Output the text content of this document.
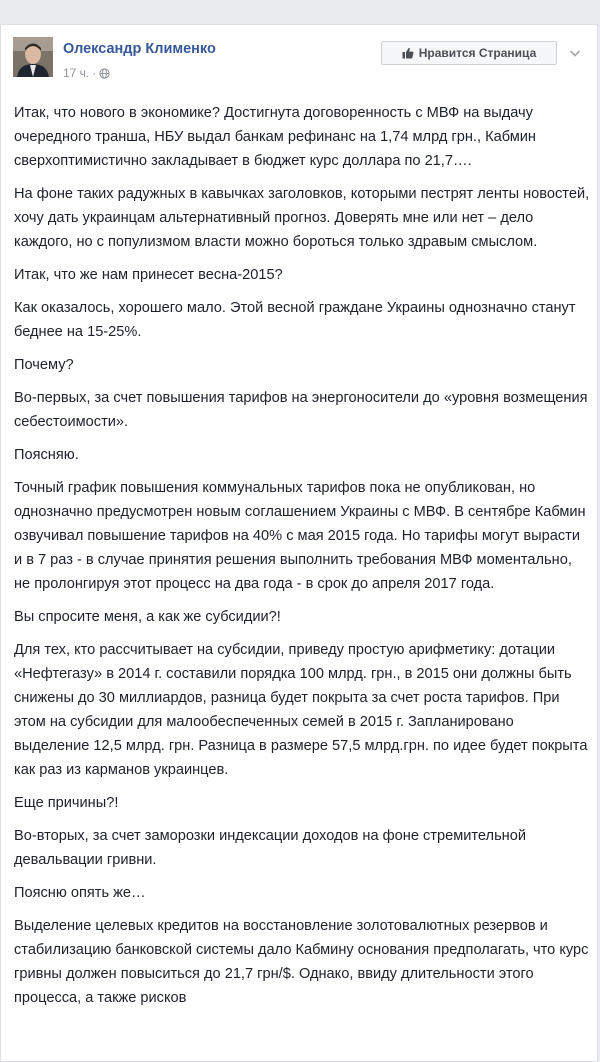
Олександр Клименко
17 ч. ·
Нравится Страница

Итак, что нового в экономике? Достигнута договоренность с МВФ на выдачу очередного транша, НБУ выдал банкам рефинанс на 1,74 млрд грн., Кабмин сверхоптимистично закладывает в бюджет курс доллара по 21,7….

На фоне таких радужных в кавычках заголовков, которыми пестрят ленты новостей, хочу дать украинцам альтернативный прогноз. Доверять мне или нет – дело каждого, но с популизмом власти можно бороться только здравым смыслом.

Итак, что же нам принесет весна-2015?

Как оказалось, хорошего мало. Этой весной граждане Украины однозначно станут беднее на 15-25%.

Почему?

Во-первых, за счет повышения тарифов на энергоносители до «уровня возмещения себестоимости».

Поясняю.

Точный график повышения коммунальных тарифов пока не опубликован, но однозначно предусмотрен новым соглашением Украины с МВФ. В сентябре Кабмин озвучивал повышение тарифов на 40% с мая 2015 года. Но тарифы могут вырасти и в 7 раз - в случае принятия решения выполнить требования МВФ моментально, не пролонгируя этот процесс на два года - в срок до апреля 2017 года.

Вы спросите меня, а как же субсидии?!

Для тех, кто рассчитывает на субсидии, приведу простую арифметику: дотации «Нефтегазу» в 2014 г. составили порядка 100 млрд. грн., в 2015 они должны быть снижены до 30 миллиардов, разница будет покрыта за счет роста тарифов. При этом на субсидии для малообеспеченных семей в 2015 г. Запланировано выделение 12,5 млрд. грн. Разница в размере 57,5 млрд.грн. по идее будет покрыта как раз из карманов украинцев.

Еще причины?!

Во-вторых, за счет заморозки индексации доходов на фоне стремительной девальвации гривни.

Поясню опять же…

Выделение целевых кредитов на восстановление золотовалютных резервов и стабилизацию банковской системы дало Кабмину основания предполагать, что курс гривны должен повыситься до 21,7 грн/$. Однако, ввиду длительности этого процесса, а также рисков
